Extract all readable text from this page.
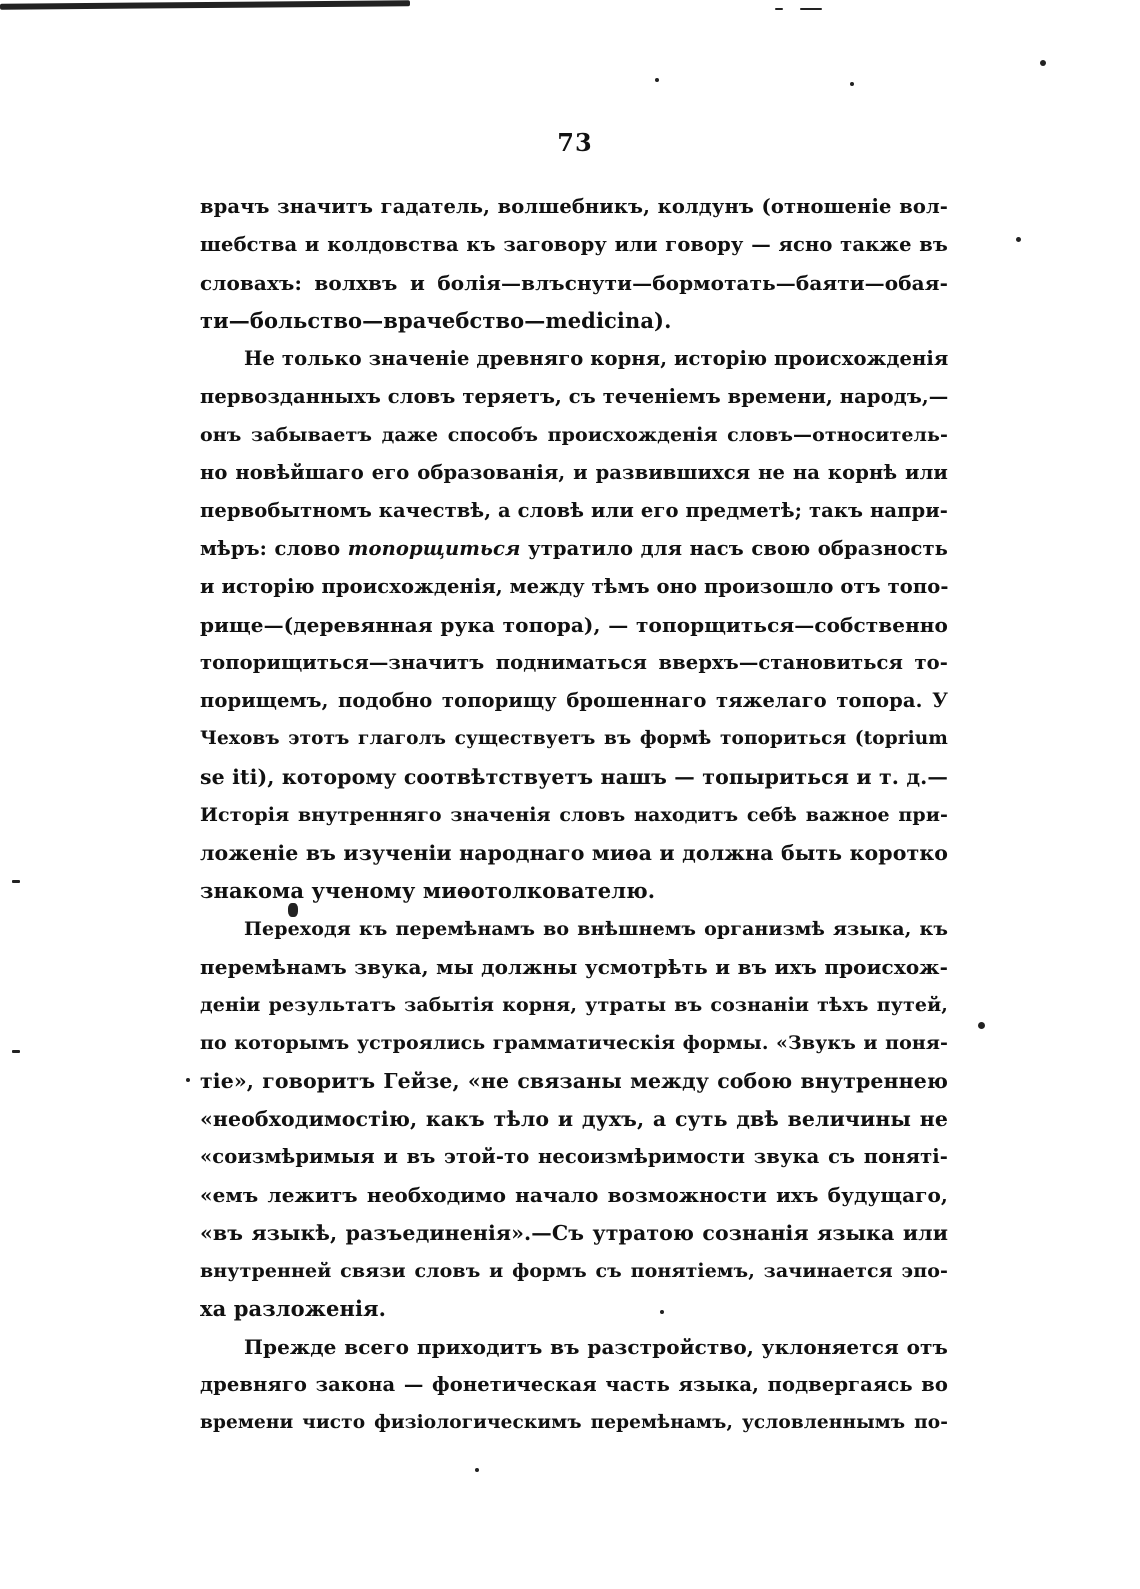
73
врачъ значитъ гадатель, волшебникъ, колдунъ (отношеніе вол-
шебства и колдовства къ заговору или говору — ясно также въ
словахъ: волхвъ и болія—влъснути—бормотать—баяти—обая-
ти—больство—врачебство—medicina).
Не только значеніе древняго корня, исторію происхожденія
первозданныхъ словъ теряетъ, съ теченіемъ времени, народъ,—
онъ забываетъ даже способъ происхожденія словъ—относитель-
но новѣйшаго его образованія, и развившихся не на корнѣ или
первобытномъ качествѣ, а словѣ или его предметѣ; такъ напри-
мѣръ: слово топорщиться утратило для насъ свою образность
и исторію происхожденія, между тѣмъ оно произошло отъ топо-
рище—(деревянная рука топора), — топорщиться—собственно
топорищиться—значитъ подниматься вверхъ—становиться то-
порищемъ, подобно топорищу брошеннаго тяжелаго топора. У
Чеховъ этотъ глаголъ существуетъ въ формѣ топориться (toprium
se iti), которому соотвѣтствуетъ нашъ — топыриться и т. д.—
Исторія внутренняго значенія словъ находитъ себѣ важное при-
ложеніе въ изученіи народнаго миѳа и должна быть коротко
знакома ученому миѳотолкователю.
Переходя къ перемѣнамъ во внѣшнемъ организмѣ языка, къ
перемѣнамъ звука, мы должны усмотрѣть и въ ихъ происхож-
деніи результатъ забытія корня, утраты въ сознаніи тѣхъ путей,
по которымъ устроялись грамматическія формы. «Звукъ и поня-
тіе», говоритъ Гейзе, «не связаны между собою внутреннею
«необходимостію, какъ тѣло и духъ, а суть двѣ величины не
«соизмѣримыя и въ этой-то несоизмѣримости звука съ понятi-
«емъ лежитъ необходимо начало возможности ихъ будущаго,
«въ языкѣ, разъединенія».—Съ утратою сознанія языка или
внутренней связи словъ и формъ съ понятіемъ, зачинается эпо-
ха разложенія.
Прежде всего приходитъ въ разстройство, уклоняется отъ
древняго закона — фонетическая часть языка, подвергаясь во
времени чисто физіологическимъ перемѣнамъ, условленнымъ по-
